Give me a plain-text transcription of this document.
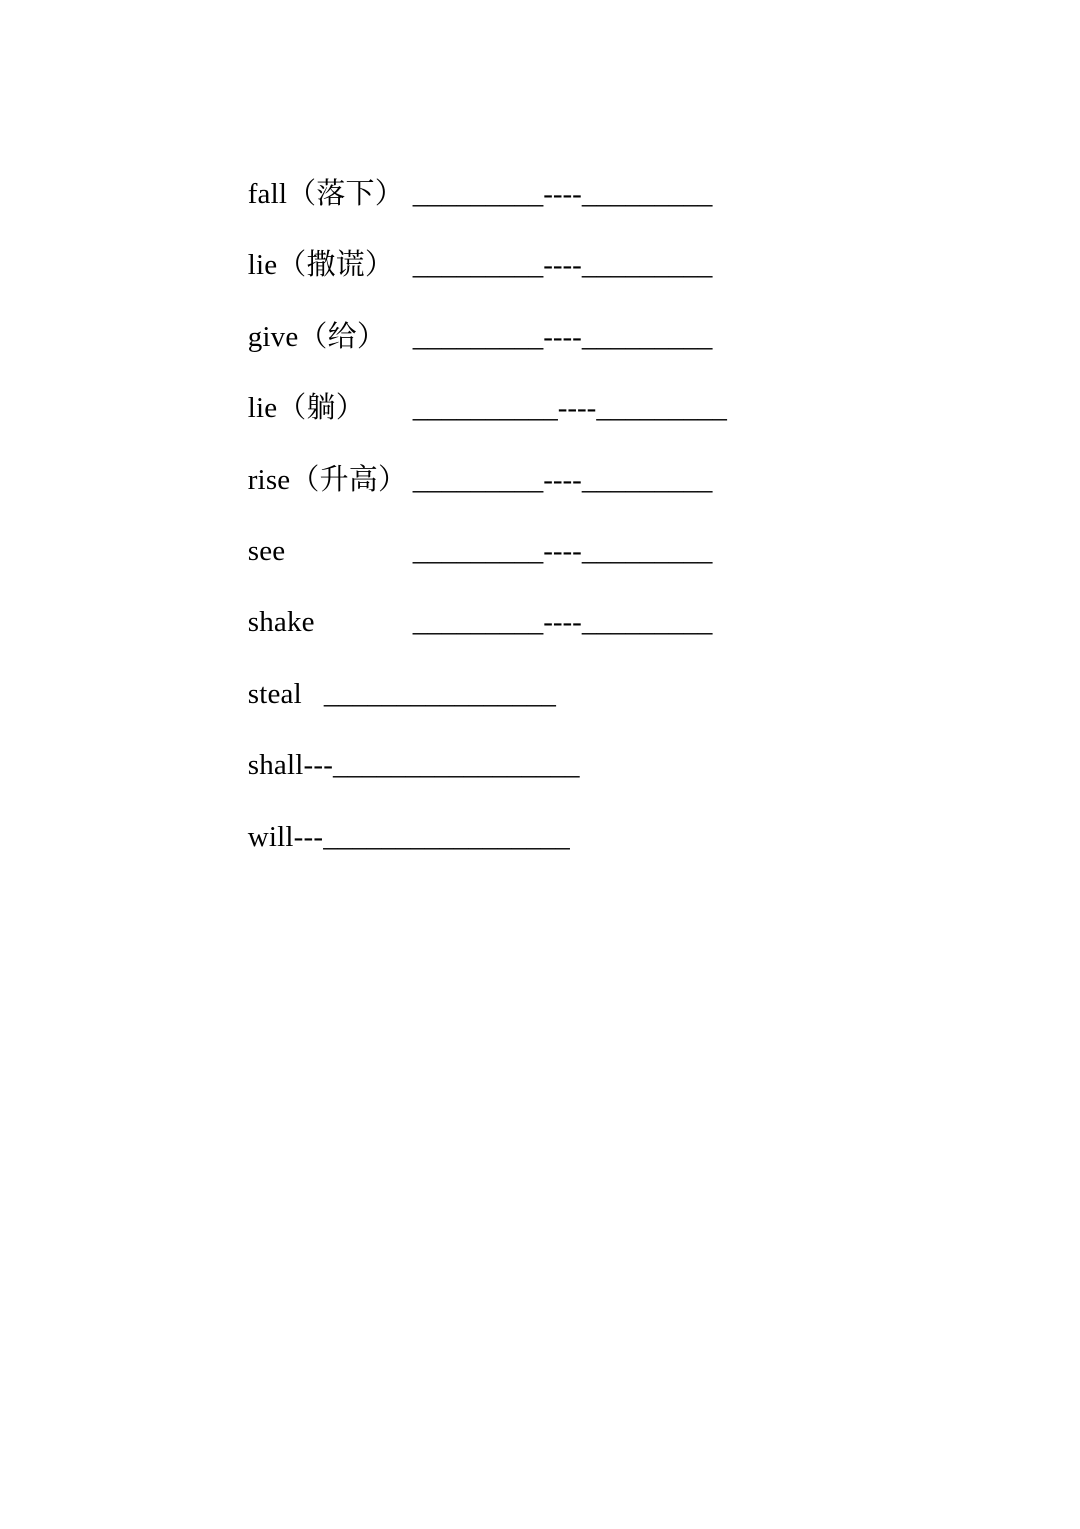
fall（落下） _________----_________

lie（撒谎） _________----_________

give（给） _________----_________

lie（躺） __________----_________

rise（升高） _________----_________

see	_________----_________

shake	_________----_________

steal ________________

shall---_________________

will---_________________
